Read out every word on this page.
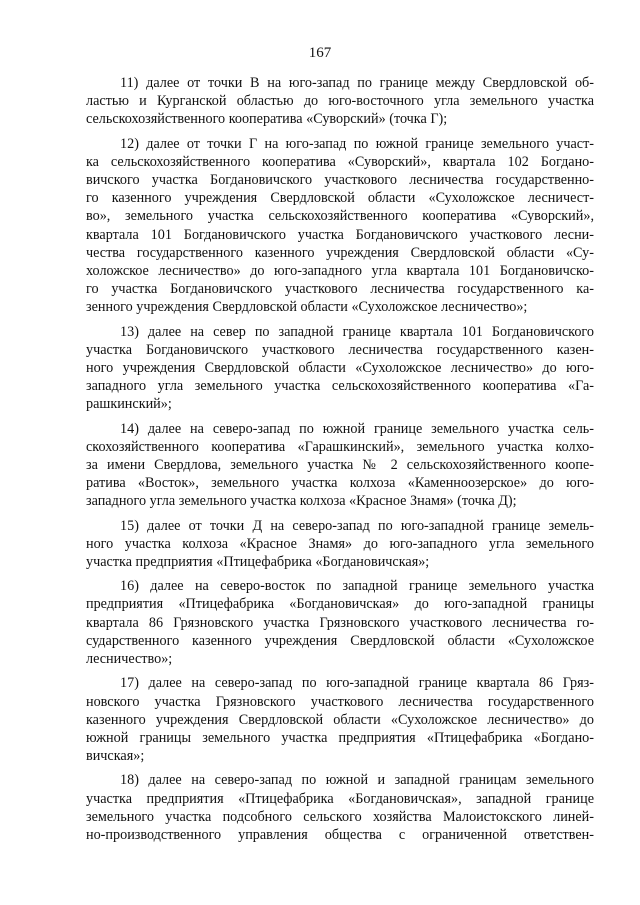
167
11) далее от точки В на юго-запад по границе между Свердловской об-
ластью и Курганской областью до юго-восточного угла земельного участка
сельскохозяйственного кооператива «Суворский» (точка Г);
12) далее от точки Г на юго-запад по южной границе земельного участ-
ка сельскохозяйственного кооператива «Суворский», квартала 102 Богдано-
вичского участка Богдановичского участкового лесничества государственно-
го казенного учреждения Свердловской области «Сухоложское лесничест-
во», земельного участка сельскохозяйственного кооператива «Суворский»,
квартала 101 Богдановичского участка Богдановичского участкового лесни-
чества государственного казенного учреждения Свердловской области «Су-
холожское лесничество» до юго-западного угла квартала 101 Богдановичско-
го участка Богдановичского участкового лесничества государственного ка-
зенного учреждения Свердловской области «Сухоложское лесничество»;
13) далее на север по западной границе квартала 101 Богдановичского
участка Богдановичского участкового лесничества государственного казен-
ного учреждения Свердловской области «Сухоложское лесничество» до юго-
западного угла земельного участка сельскохозяйственного кооператива «Га-
рашкинский»;
14) далее на северо-запад по южной границе земельного участка сель-
скохозяйственного кооператива «Гарашкинский», земельного участка колхо-
за имени Свердлова, земельного участка № 2 сельскохозяйственного коопе-
ратива «Восток», земельного участка колхоза «Каменноозерское» до юго-
западного угла земельного участка колхоза «Красное Знамя» (точка Д);
15) далее от точки Д на северо-запад по юго-западной границе земель-
ного участка колхоза «Красное Знамя» до юго-западного угла земельного
участка предприятия «Птицефабрика «Богдановичская»;
16) далее на северо-восток по западной границе земельного участка
предприятия «Птицефабрика «Богдановичская» до юго-западной границы
квартала 86 Грязновского участка Грязновского участкового лесничества го-
сударственного казенного учреждения Свердловской области «Сухоложское
лесничество»;
17) далее на северо-запад по юго-западной границе квартала 86 Гряз-
новского участка Грязновского участкового лесничества государственного
казенного учреждения Свердловской области «Сухоложское лесничество» до
южной границы земельного участка предприятия «Птицефабрика «Богдано-
вичская»;
18) далее на северо-запад по южной и западной границам земельного
участка предприятия «Птицефабрика «Богдановичская», западной границе
земельного участка подсобного сельского хозяйства Малоистокского линей-
но-производственного управления общества с ограниченной ответствен-
